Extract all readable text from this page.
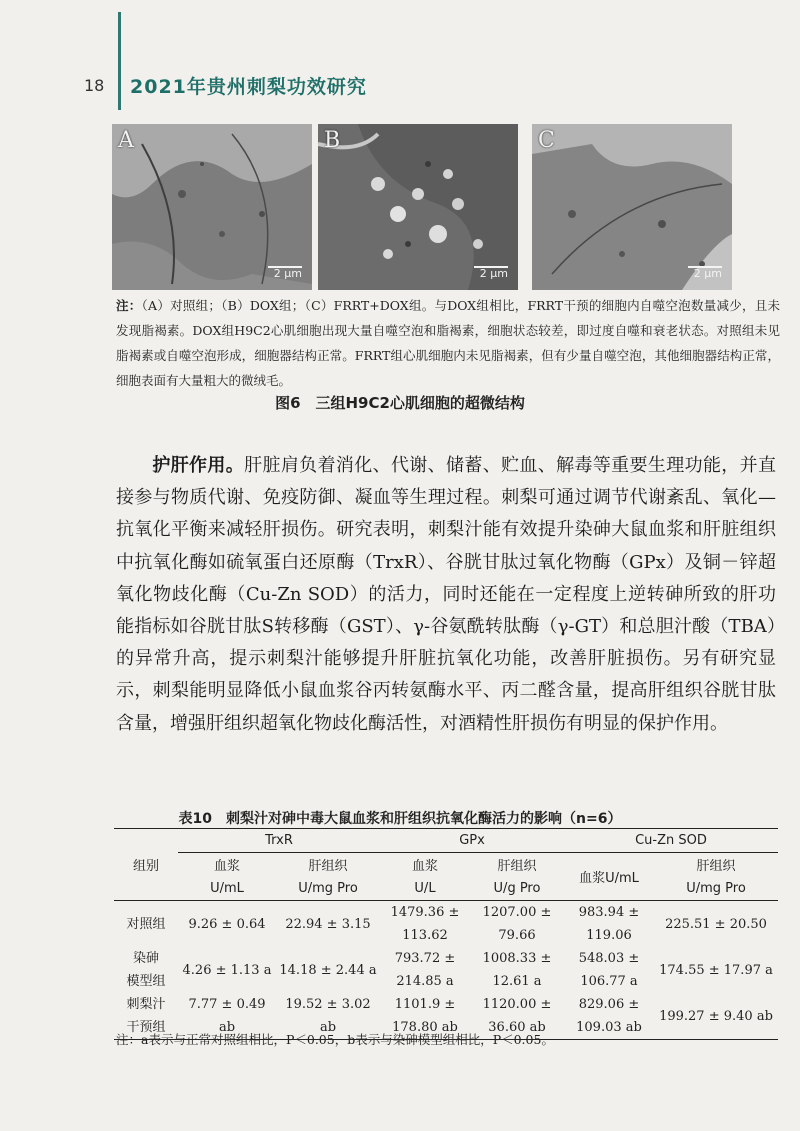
18 2021年贵州刺梨功效研究
A
2 μm
B
2 μm
C
2 μm
注：（A）对照组；（B）DOX组；（C）FRRT+DOX组。与DOX组相比，FRRT干预的细胞内自噬空泡数量减少，且未发现脂褐素。DOX组H9C2心肌细胞出现大量自噬空泡和脂褐素，细胞状态较差，即过度自噬和衰老状态。对照组未见脂褐素或自噬空泡形成，细胞器结构正常。FRRT组心肌细胞内未见脂褐素，但有少量自噬空泡，其他细胞器结构正常，细胞表面有大量粗大的微绒毛。
图6　三组H9C2心肌细胞的超微结构
护肝作用。肝脏肩负着消化、代谢、储蓄、贮血、解毒等重要生理功能，并直接参与物质代谢、免疫防御、凝血等生理过程。刺梨可通过调节代谢紊乱、氧化—抗氧化平衡来减轻肝损伤。研究表明，刺梨汁能有效提升染砷大鼠血浆和肝脏组织中抗氧化酶如硫氧蛋白还原酶（TrxR）、谷胱甘肽过氧化物酶（GPx）及铜－锌超氧化物歧化酶（Cu-Zn SOD）的活力，同时还能在一定程度上逆转砷所致的肝功能指标如谷胱甘肽S转移酶（GST）、γ-谷氨酰转肽酶（γ-GT）和总胆汁酸（TBA）的异常升高，提示刺梨汁能够提升肝脏抗氧化功能，改善肝脏损伤。另有研究显示，刺梨能明显降低小鼠血浆谷丙转氨酶水平、丙二醛含量，提高肝组织谷胱甘肽含量，增强肝组织超氧化物歧化酶活性，对酒精性肝损伤有明显的保护作用。
表10　刺梨汁对砷中毒大鼠血浆和肝组织抗氧化酶活力的影响（n=6）
组别	TrxR		GPx		Cu-Zn SOD	
	血浆	肝组织	血浆	肝组织	血浆U/mL	肝组织
	U/mL	U/mg Pro	U/L	U/g Pro		U/mg Pro
对照组	9.26 ± 0.64	22.94 ± 3.15	1479.36 ±
113.62	1207.00 ±
79.66	983.94 ±
119.06	225.51 ± 20.50
染砷
模型组	4.26 ± 1.13 a	14.18 ± 2.44 a	793.72 ±
214.85 a	1008.33 ±
12.61 a	548.03 ±
106.77 a	174.55 ± 17.97 a
刺梨汁
干预组	7.77 ± 0.49 ab	19.52 ± 3.02 ab	1101.9 ±
178.80 ab	1120.00 ±
36.60 ab	829.06 ±
109.03 ab	199.27 ± 9.40 ab
注：a表示与正常对照组相比，P＜0.05，b表示与染砷模型组相比，P＜0.05。
